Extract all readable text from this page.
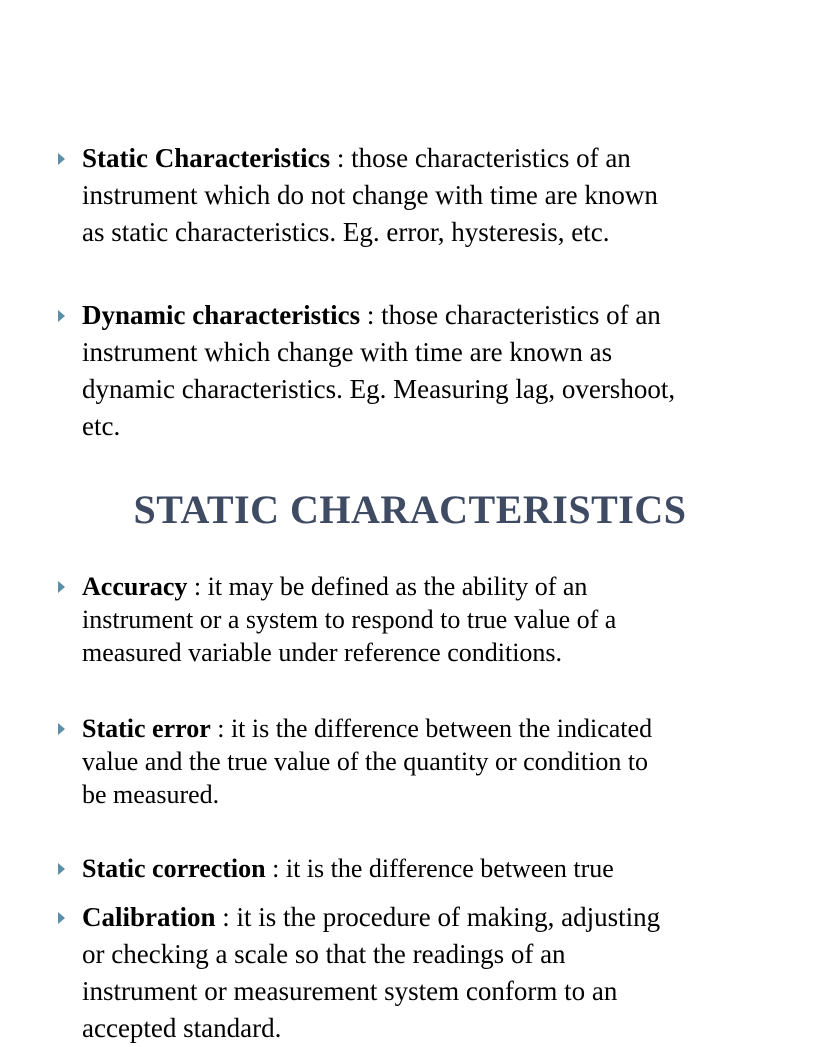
Static Characteristics : those characteristics of an
instrument which do not change with time are known
as static characteristics. Eg. error, hysteresis, etc.
Dynamic characteristics : those characteristics of an
instrument which change with time are known as
dynamic characteristics. Eg. Measuring lag, overshoot,
etc.
STATIC CHARACTERISTICS
Accuracy : it may be defined as the ability of an
instrument or a system to respond to true value of a
measured variable under reference conditions.
Static error : it is the difference between the indicated
value and the true value of the quantity or condition to
be measured.
Static correction : it is the difference between true
Calibration : it is the procedure of making, adjusting
or checking a scale so that the readings of an
instrument or measurement system conform to an
accepted standard.
